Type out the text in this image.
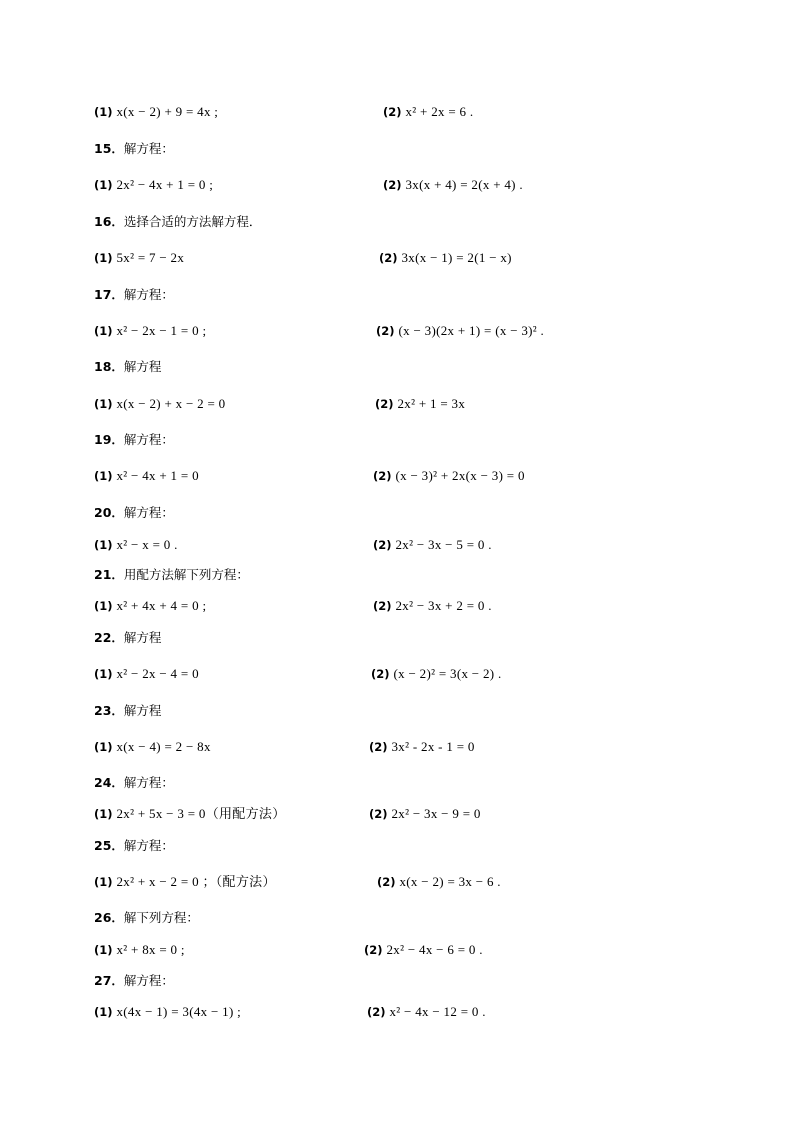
(1) x(x − 2) + 9 = 4x ;	(2) x² + 2x = 6 .
15．解方程：
(1) 2x² − 4x + 1 = 0 ;	(2) 3x(x + 4) = 2(x + 4) .
16．选择合适的方法解方程．
(1) 5x² = 7 − 2x	(2) 3x(x − 1) = 2(1 − x)
17．解方程：
(1) x² − 2x − 1 = 0 ;	(2) (x − 3)(2x + 1) = (x − 3)² .
18．解方程
(1) x(x − 2) + x − 2 = 0	(2) 2x² + 1 = 3x
19．解方程：
(1) x² − 4x + 1 = 0	(2) (x − 3)² + 2x(x − 3) = 0
20．解方程：
(1) x² − x = 0 .	(2) 2x² − 3x − 5 = 0 .
21．用配方法解下列方程：
(1) x² + 4x + 4 = 0 ;	(2) 2x² − 3x + 2 = 0 .
22．解方程
(1) x² − 2x − 4 = 0	(2) (x − 2)² = 3(x − 2) .
23．解方程
(1) x(x − 4) = 2 − 8x	(2) 3x² - 2x - 1 = 0
24．解方程：
(1) 2x² + 5x − 3 = 0（用配方法）	(2) 2x² − 3x − 9 = 0
25．解方程：
(1) 2x² + x − 2 = 0 ；（配方法）	(2) x(x − 2) = 3x − 6 .
26．解下列方程：
(1) x² + 8x = 0 ;	(2) 2x² − 4x − 6 = 0 .
27．解方程：
(1) x(4x − 1) = 3(4x − 1) ;	(2) x² − 4x − 12 = 0 .
